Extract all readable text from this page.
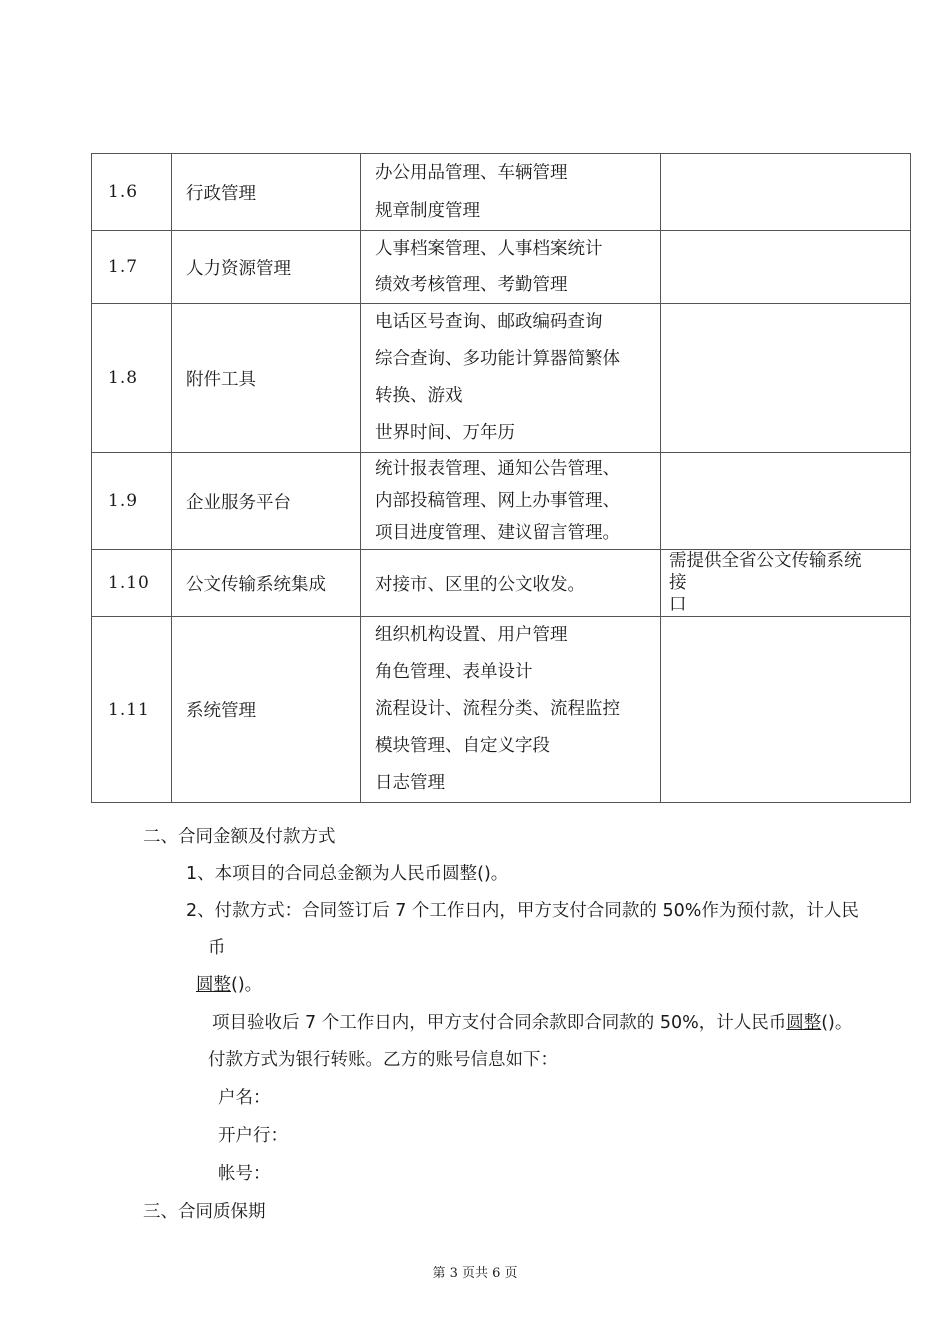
1.6	行政管理	办公用品管理、车辆管理
规章制度管理	

1.7	人力资源管理	人事档案管理、人事档案统计
绩效考核管理、考勤管理	

1.8	附件工具	电话区号查询、邮政编码查询
综合查询、多功能计算器简繁体
转换、游戏
世界时间、万年历	

1.9	企业服务平台	统计报表管理、通知公告管理、
内部投稿管理、网上办事管理、
项目进度管理、建议留言管理。	

1.10	公文传输系统集成	对接市、区里的公文收发。	需提供全省公文传输系统
接
口

1.11	系统管理	组织机构设置、用户管理
角色管理、表单设计
流程设计、流程分类、流程监控
模块管理、自定义字段
日志管理	

二、合同金额及付款方式
1、本项目的合同总金额为人民币圆整()。
2、付款方式：合同签订后 7 个工作日内，甲方支付合同款的 50%作为预付款，计人民
币
圆整()。
项目验收后 7 个工作日内，甲方支付合同余款即合同款的 50%，计人民币圆整()。
付款方式为银行转账。乙方的账号信息如下：
户名：
开户行：
帐号：
三、合同质保期
第 3 页共 6 页
